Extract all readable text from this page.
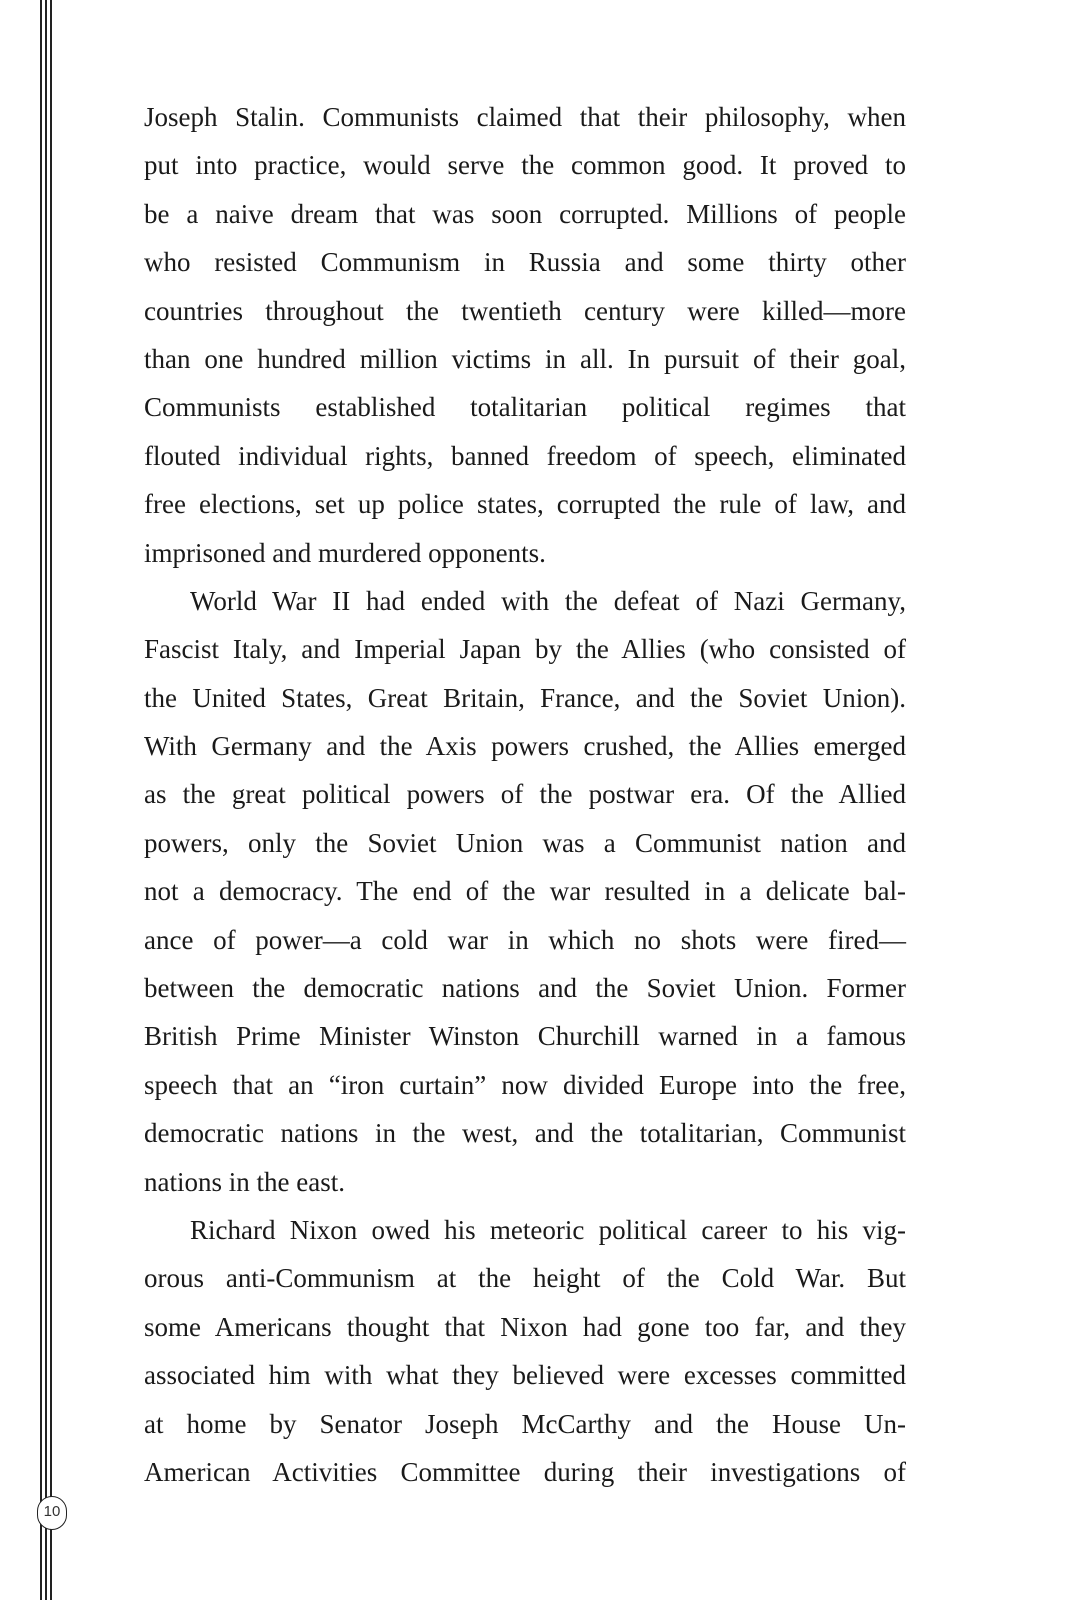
10
Joseph Stalin. Communists claimed that their philosophy, when
put into practice, would serve the common good. It proved to
be a naive dream that was soon corrupted. Millions of people
who resisted Communism in Russia and some thirty other
countries throughout the twentieth century were killed—more
than one hundred million victims in all. In pursuit of their goal,
Communists established totalitarian political regimes that
flouted individual rights, banned freedom of speech, eliminated
free elections, set up police states, corrupted the rule of law, and
imprisoned and murdered opponents.
World War II had ended with the defeat of Nazi Germany,
Fascist Italy, and Imperial Japan by the Allies (who consisted of
the United States, Great Britain, France, and the Soviet Union).
With Germany and the Axis powers crushed, the Allies emerged
as the great political powers of the postwar era. Of the Allied
powers, only the Soviet Union was a Communist nation and
not a democracy. The end of the war resulted in a delicate bal-
ance of power—a cold war in which no shots were fired—
between the democratic nations and the Soviet Union. Former
British Prime Minister Winston Churchill warned in a famous
speech that an “iron curtain” now divided Europe into the free,
democratic nations in the west, and the totalitarian, Communist
nations in the east.
Richard Nixon owed his meteoric political career to his vig-
orous anti-Communism at the height of the Cold War. But
some Americans thought that Nixon had gone too far, and they
associated him with what they believed were excesses committed
at home by Senator Joseph McCarthy and the House Un-
American Activities Committee during their investigations of
